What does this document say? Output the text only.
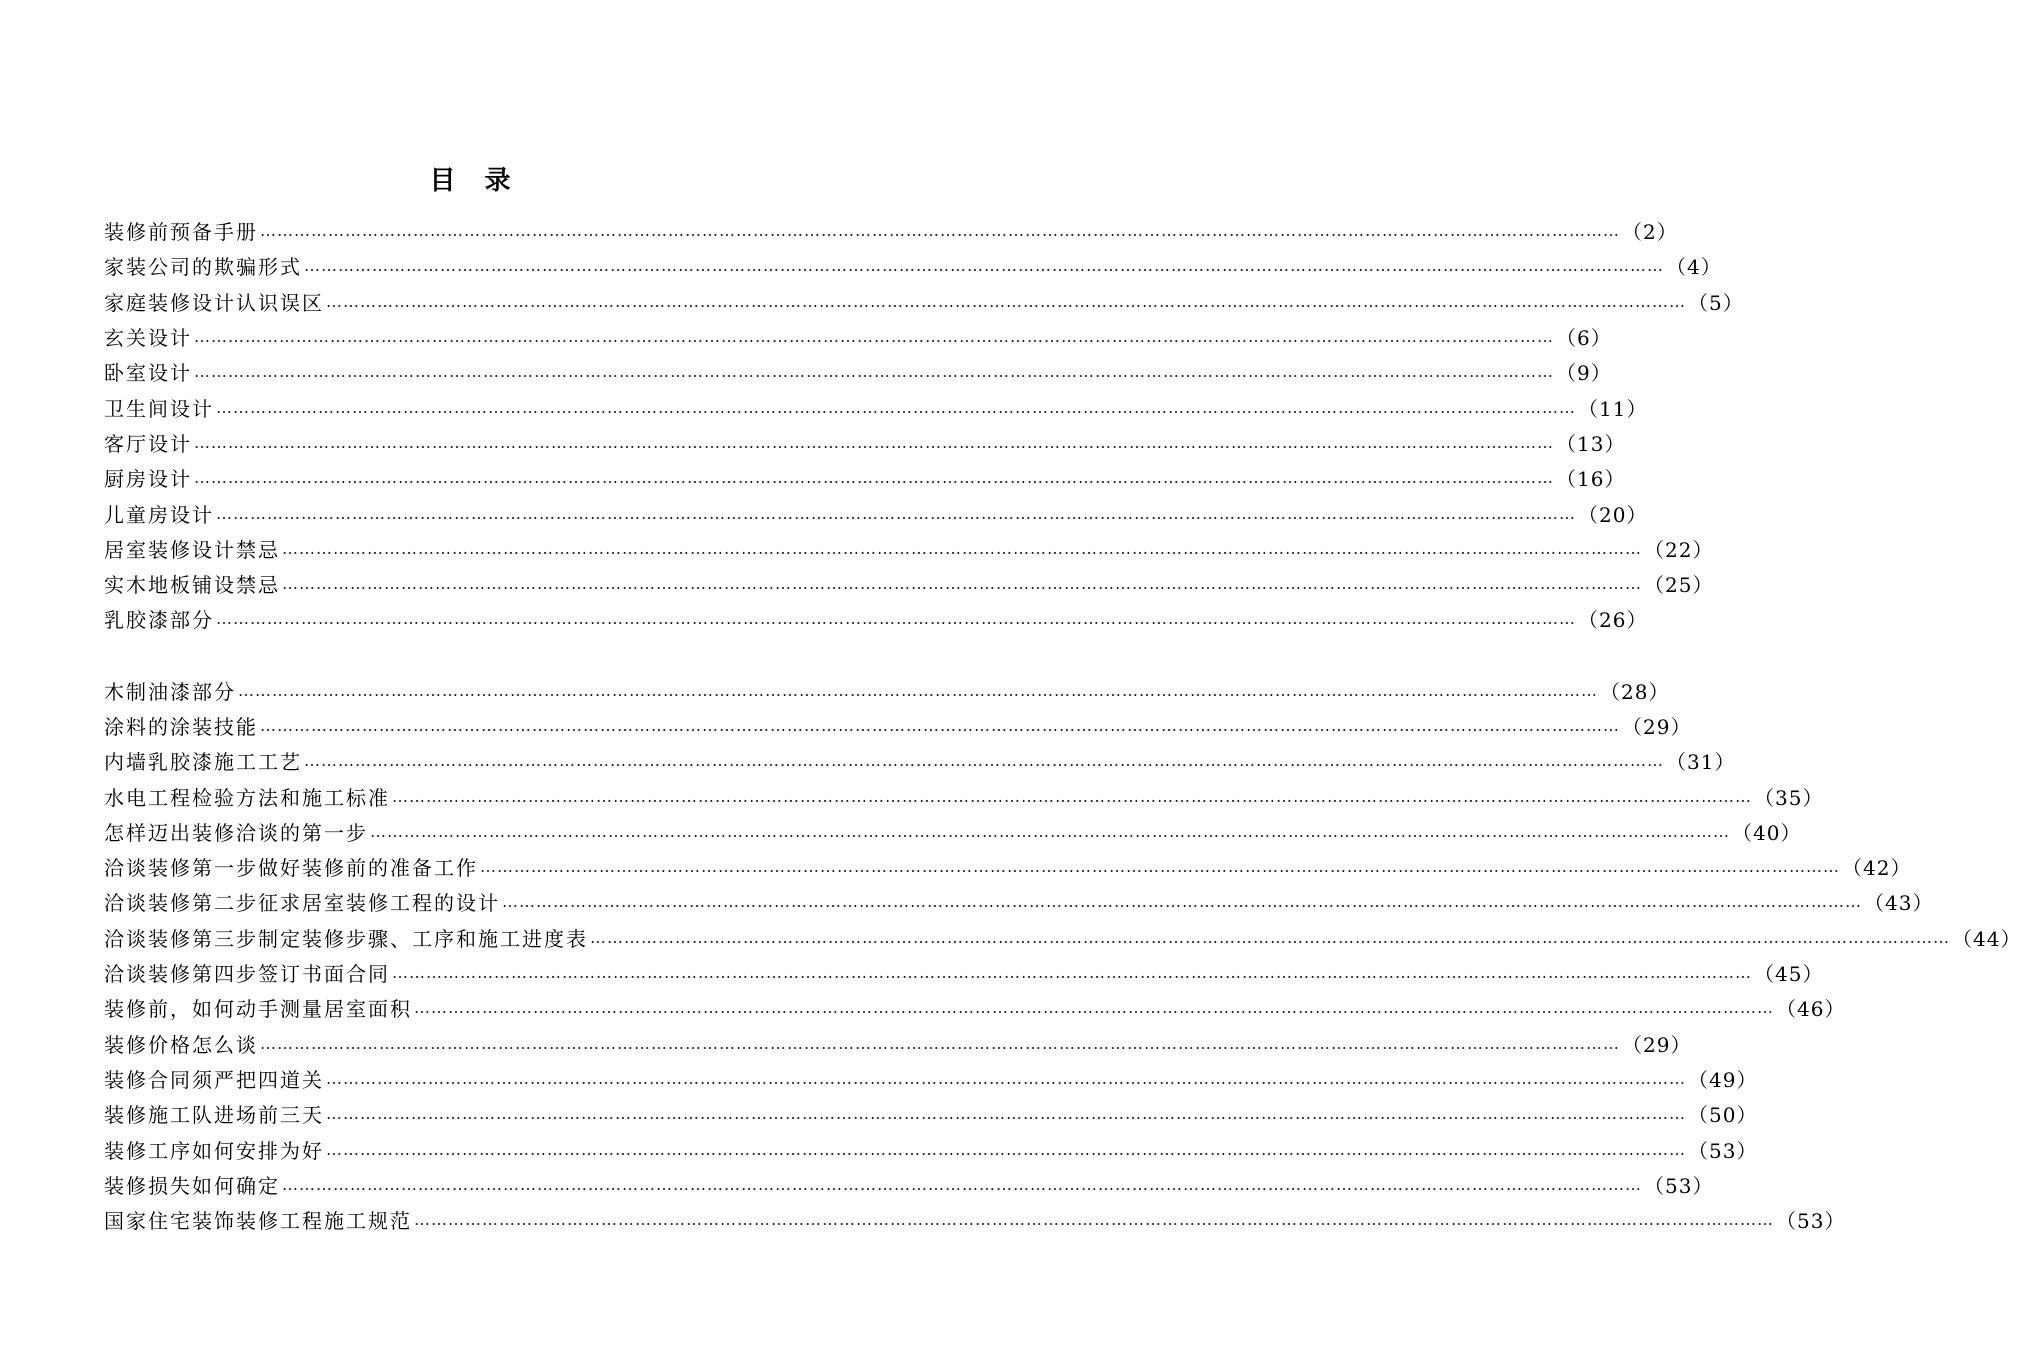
目 录
装修前预备手册 …………………………………………………………………………………………………………………………………………………………………………………………………………………… （2）
家装公司的欺骗形式 …………………………………………………………………………………………………………………………………………………………………………………………………………………… （4）
家庭装修设计认识误区 …………………………………………………………………………………………………………………………………………………………………………………………………………………… （5）
玄关设计 …………………………………………………………………………………………………………………………………………………………………………………………………………………… （6）
卧室设计 …………………………………………………………………………………………………………………………………………………………………………………………………………………… （9）
卫生间设计 …………………………………………………………………………………………………………………………………………………………………………………………………………………… （11）
客厅设计 …………………………………………………………………………………………………………………………………………………………………………………………………………………… （13）
厨房设计 …………………………………………………………………………………………………………………………………………………………………………………………………………………… （16）
儿童房设计 …………………………………………………………………………………………………………………………………………………………………………………………………………………… （20）
居室装修设计禁忌 …………………………………………………………………………………………………………………………………………………………………………………………………………………… （22）
实木地板铺设禁忌 …………………………………………………………………………………………………………………………………………………………………………………………………………………… （25）
乳胶漆部分 …………………………………………………………………………………………………………………………………………………………………………………………………………………… （26）
木制油漆部分 …………………………………………………………………………………………………………………………………………………………………………………………………………………… （28）
涂料的涂装技能 …………………………………………………………………………………………………………………………………………………………………………………………………………………… （29）
内墙乳胶漆施工工艺 …………………………………………………………………………………………………………………………………………………………………………………………………………………… （31）
水电工程检验方法和施工标准 …………………………………………………………………………………………………………………………………………………………………………………………………………………… （35）
怎样迈出装修洽谈的第一步 …………………………………………………………………………………………………………………………………………………………………………………………………………………… （40）
洽谈装修第一步做好装修前的准备工作 …………………………………………………………………………………………………………………………………………………………………………………………………………………… （42）
洽谈装修第二步征求居室装修工程的设计 …………………………………………………………………………………………………………………………………………………………………………………………………………………… （43）
洽谈装修第三步制定装修步骤、工序和施工进度表 …………………………………………………………………………………………………………………………………………………………………………………………………………………… （44）
洽谈装修第四步签订书面合同 …………………………………………………………………………………………………………………………………………………………………………………………………………………… （45）
装修前，如何动手测量居室面积 …………………………………………………………………………………………………………………………………………………………………………………………………………………… （46）
装修价格怎么谈 …………………………………………………………………………………………………………………………………………………………………………………………………………………… （29）
装修合同须严把四道关 …………………………………………………………………………………………………………………………………………………………………………………………………………………… （49）
装修施工队进场前三天 …………………………………………………………………………………………………………………………………………………………………………………………………………………… （50）
装修工序如何安排为好 …………………………………………………………………………………………………………………………………………………………………………………………………………………… （53）
装修损失如何确定 …………………………………………………………………………………………………………………………………………………………………………………………………………………… （53）
国家住宅装饰装修工程施工规范 …………………………………………………………………………………………………………………………………………………………………………………………………………………… （53）
